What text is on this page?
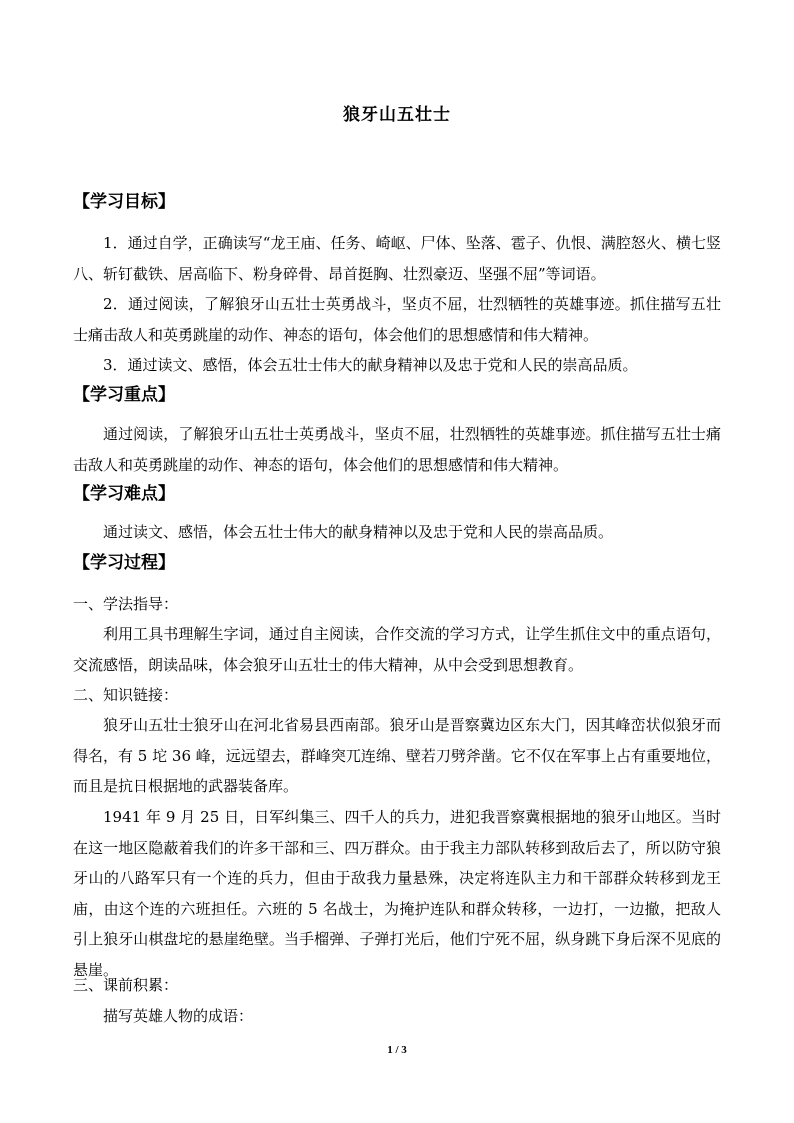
狼牙山五壮士
【学习目标】
1．通过自学，正确读写“龙王庙、任务、崎岖、尸体、坠落、雹子、仇恨、满腔怒火、横七竖八、斩钉截铁、居高临下、粉身碎骨、昂首挺胸、壮烈豪迈、坚强不屈”等词语。
2．通过阅读，了解狼牙山五壮士英勇战斗，坚贞不屈，壮烈牺牲的英雄事迹。抓住描写五壮士痛击敌人和英勇跳崖的动作、神态的语句，体会他们的思想感情和伟大精神。
3．通过读文、感悟，体会五壮士伟大的献身精神以及忠于党和人民的崇高品质。
【学习重点】
通过阅读，了解狼牙山五壮士英勇战斗，坚贞不屈，壮烈牺牲的英雄事迹。抓住描写五壮士痛击敌人和英勇跳崖的动作、神态的语句，体会他们的思想感情和伟大精神。
【学习难点】
通过读文、感悟，体会五壮士伟大的献身精神以及忠于党和人民的崇高品质。
【学习过程】
一、学法指导：
利用工具书理解生字词，通过自主阅读，合作交流的学习方式，让学生抓住文中的重点语句，交流感悟，朗读品味，体会狼牙山五壮士的伟大精神，从中会受到思想教育。
二、知识链接：
狼牙山五壮士狼牙山在河北省易县西南部。狼牙山是晋察冀边区东大门，因其峰峦状似狼牙而得名，有 5 坨 36 峰，远远望去，群峰突兀连绵、壁若刀劈斧凿。它不仅在军事上占有重要地位，而且是抗日根据地的武器装备库。
1941 年 9 月 25 日，日军纠集三、四千人的兵力，进犯我晋察冀根据地的狼牙山地区。当时在这一地区隐蔽着我们的许多干部和三、四万群众。由于我主力部队转移到敌后去了，所以防守狼牙山的八路军只有一个连的兵力，但由于敌我力量悬殊，决定将连队主力和干部群众转移到龙王庙，由这个连的六班担任。六班的 5 名战士，为掩护连队和群众转移，一边打，一边撤，把敌人引上狼牙山棋盘坨的悬崖绝壁。当手榴弹、子弹打光后，他们宁死不屈，纵身跳下身后深不见底的悬崖。
三、课前积累：
描写英雄人物的成语：
1 / 3
